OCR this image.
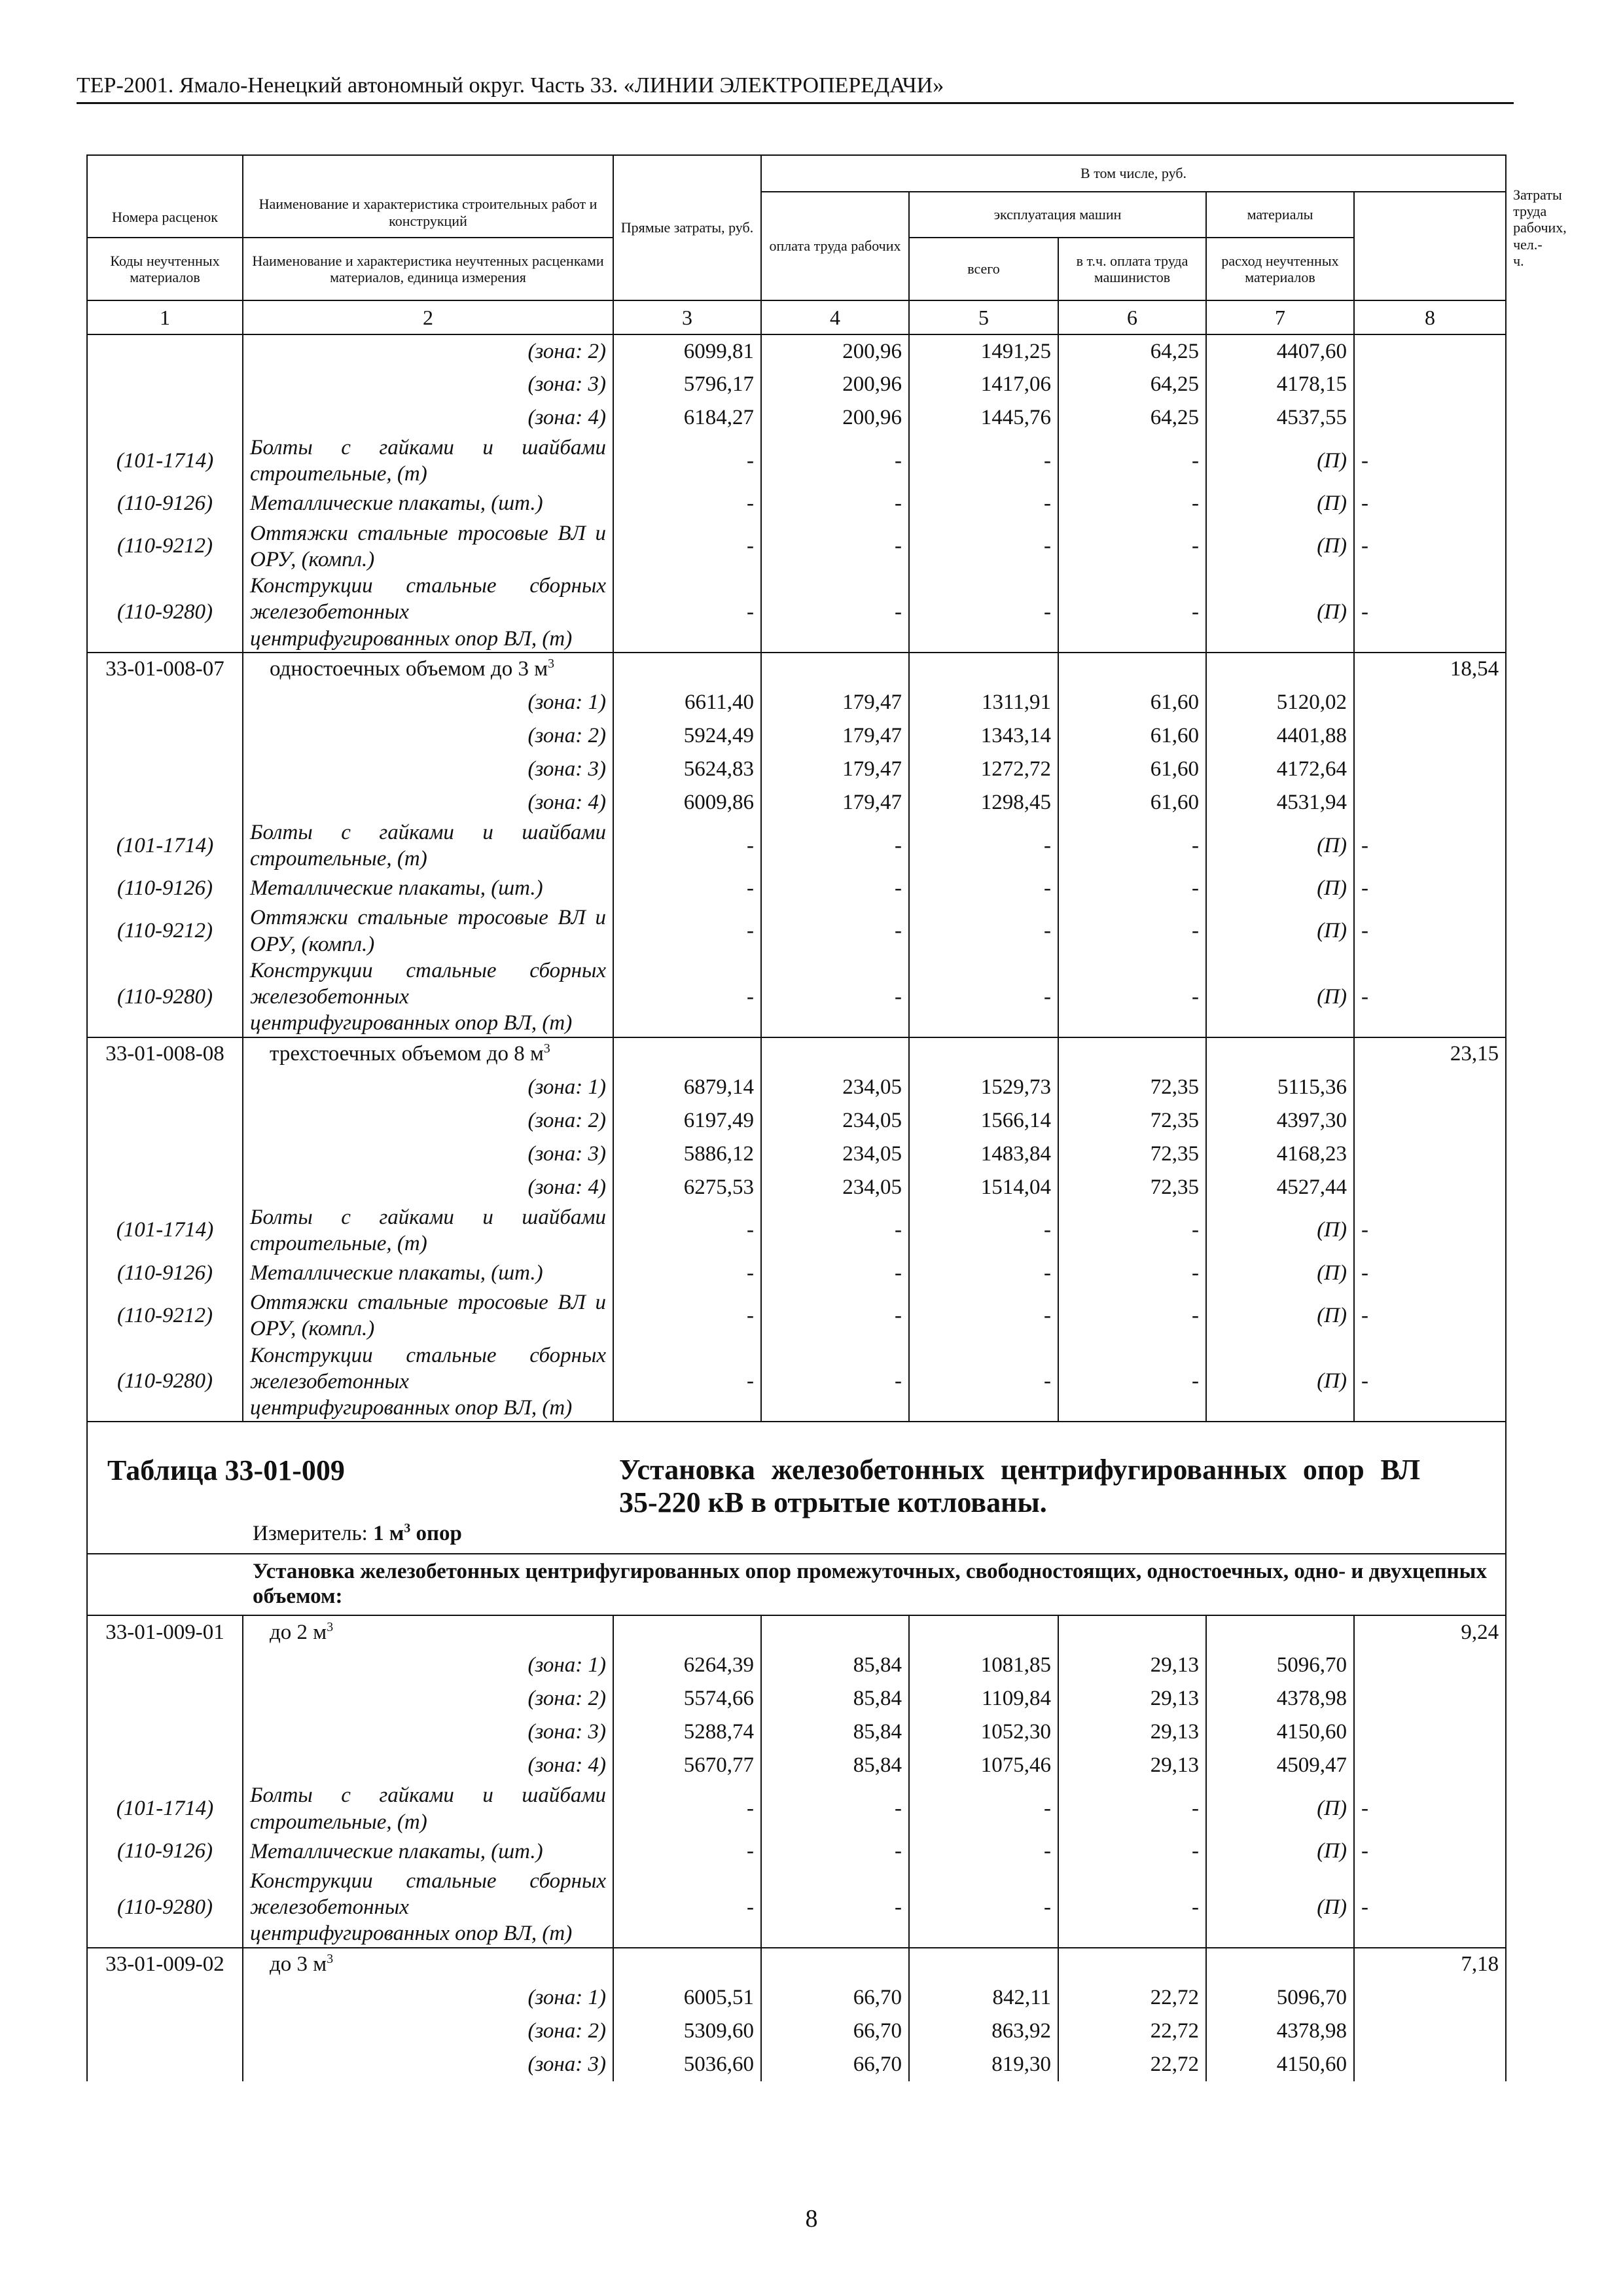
ТЕР-2001. Ямало-Ненецкий автономный округ. Часть 33. «ЛИНИИ ЭЛЕКТРОПЕРЕДАЧИ»
Номера расценок	Наименование и характеристика строительных работ и конструкций	Прямые затраты, руб.	В том числе, руб.					Затраты труда рабочих, чел.-ч.
			оплата труда рабочих	эксплуатация машин		материалы		
Коды неучтенных материалов	Наименование и характеристика неучтенных расценками материалов, единица измерения			всего	в т.ч. оплата труда машинистов	расход неучтенных материалов		
1	2	3	4	5	6	7	8	
	(зона: 2)	6099,81	200,96	1491,25	64,25	4407,60		
	(зона: 3)	5796,17	200,96	1417,06	64,25	4178,15		
	(зона: 4)	6184,27	200,96	1445,76	64,25	4537,55		
(101-1714)	Болты с гайками и шайбами строительные, (т)	-	-	-	-	(П)	-	
(110-9126)	Металлические плакаты, (шт.)	-	-	-	-	(П)	-	
(110-9212)	Оттяжки стальные тросовые ВЛ и ОРУ, (компл.)	-	-	-	-	(П)	-	
(110-9280)	Конструкции стальные сборных железобетонных центрифугированных опор ВЛ, (т)	-	-	-	-	(П)	-	
33-01-008-07	одностоечных объемом до 3 $м^3$						18,54	
	(зона: 1)	6611,40	179,47	1311,91	61,60	5120,02		
	(зона: 2)	5924,49	179,47	1343,14	61,60	4401,88		
	(зона: 3)	5624,83	179,47	1272,72	61,60	4172,64		
	(зона: 4)	6009,86	179,47	1298,45	61,60	4531,94		
(101-1714)	Болты с гайками и шайбами строительные, (т)	-	-	-	-	(П)	-	
(110-9126)	Металлические плакаты, (шт.)	-	-	-	-	(П)	-	
(110-9212)	Оттяжки стальные тросовые ВЛ и ОРУ, (компл.)	-	-	-	-	(П)	-	
(110-9280)	Конструкции стальные сборных железобетонных центрифугированных опор ВЛ, (т)	-	-	-	-	(П)	-	
33-01-008-08	трехстоечных объемом до 8 $м^3$						23,15	
	(зона: 1)	6879,14	234,05	1529,73	72,35	5115,36		
	(зона: 2)	6197,49	234,05	1566,14	72,35	4397,30		
	(зона: 3)	5886,12	234,05	1483,84	72,35	4168,23		
	(зона: 4)	6275,53	234,05	1514,04	72,35	4527,44		
(101-1714)	Болты с гайками и шайбами строительные, (т)	-	-	-	-	(П)	-	
(110-9126)	Металлические плакаты, (шт.)	-	-	-	-	(П)	-	
(110-9212)	Оттяжки стальные тросовые ВЛ и ОРУ, (компл.)	-	-	-	-	(П)	-	
(110-9280)	Конструкции стальные сборных железобетонных центрифугированных опор ВЛ, (т)	-	-	-	-	(П)	-	

Таблица 33-01-009 Установка железобетонных центрифугированных опор ВЛ 35-220 кВ в отрытые котлованы.
Измеритель: 1 $м^3$ опор								

Установка железобетонных центрифугированных опор промежуточных, свободностоящих, одностоечных, одно- и двухцепных объемом:								
33-01-009-01	до 2 $м^3$						9,24	
	(зона: 1)	6264,39	85,84	1081,85	29,13	5096,70		
	(зона: 2)	5574,66	85,84	1109,84	29,13	4378,98		
	(зона: 3)	5288,74	85,84	1052,30	29,13	4150,60		
	(зона: 4)	5670,77	85,84	1075,46	29,13	4509,47		
(101-1714)	Болты с гайками и шайбами строительные, (т)	-	-	-	-	(П)	-	
(110-9126)	Металлические плакаты, (шт.)	-	-	-	-	(П)	-	
(110-9280)	Конструкции стальные сборных железобетонных центрифугированных опор ВЛ, (т)	-	-	-	-	(П)	-	
33-01-009-02	до 3 $м^3$						7,18	
	(зона: 1)	6005,51	66,70	842,11	22,72	5096,70		
	(зона: 2)	5309,60	66,70	863,92	22,72	4378,98		
	(зона: 3)	5036,60	66,70	819,30	22,72	4150,60		
8
